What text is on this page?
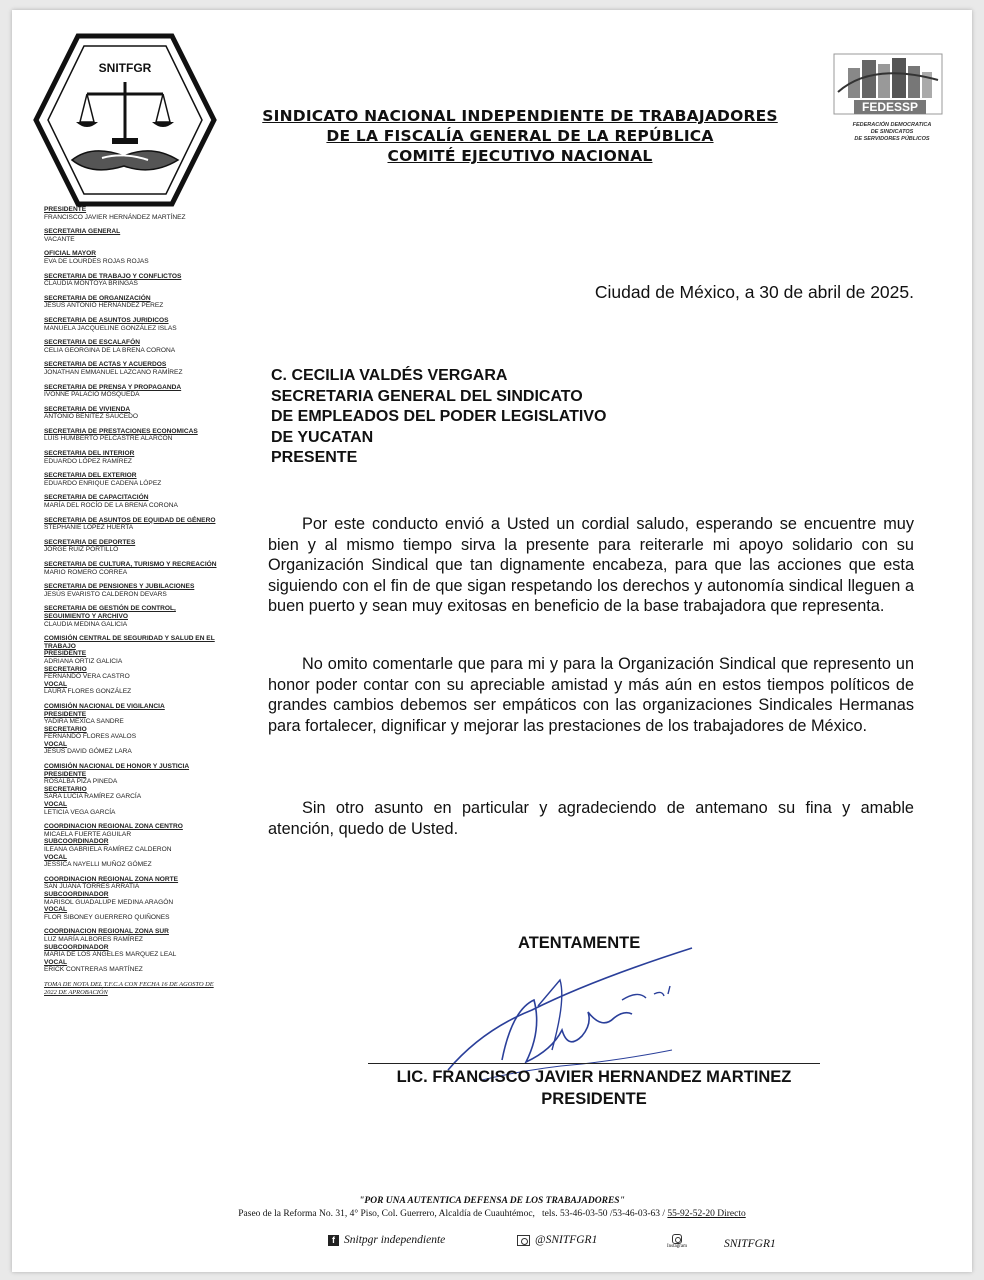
SNITFGR
FEDESSP
FEDERACIÓN DEMOCRATICA
DE SINDICATOS
DE SERVIDORES PÚBLICOS
SINDICATO NACIONAL INDEPENDIENTE DE TRABAJADORES
DE LA FISCALÍA GENERAL DE LA REPÚBLICA
COMITÉ EJECUTIVO NACIONAL
PRESIDENTE
FRANCISCO JAVIER HERNÁNDEZ MARTÍNEZ
SECRETARIA GENERAL
VACANTE
OFICIAL MAYOR
EVA DE LOURDES ROJAS ROJAS
SECRETARIA DE TRABAJO Y CONFLICTOS
CLAUDIA MONTOYA BRINGAS
SECRETARIA DE ORGANIZACIÓN
JESÚS ANTONIO HERNÁNDEZ PÉREZ
SECRETARIA DE ASUNTOS JURIDICOS
MANUELA JACQUELINE GONZÁLEZ ISLAS
SECRETARIA DE ESCALAFÓN
CELIA GEORGINA DE LA BRENA CORONA
SECRETARIA DE ACTAS Y ACUERDOS
JONATHAN EMMANUEL LAZCANO RAMÍREZ
SECRETARIA DE PRENSA Y PROPAGANDA
IVONNE PALACIO MOSQUEDA
SECRETARIA DE VIVIENDA
ANTONIO BENITEZ SAUCEDO
SECRETARIA DE PRESTACIONES ECONOMICAS
LUIS HUMBERTO PELCASTRE ALARCÓN
SECRETARIA DEL INTERIOR
EDUARDO LÓPEZ RAMÍREZ
SECRETARIA DEL EXTERIOR
EDUARDO ENRIQUE CADENA LÓPEZ
SECRETARIA DE CAPACITACIÓN
MARÍA DEL ROCÍO DE LA BRENA CORONA
SECRETARIA DE ASUNTOS DE EQUIDAD DE GÉNERO
STEPHANIE LÓPEZ HUERTA
SECRETARIA DE DEPORTES
JORGE RUIZ PORTILLO
SECRETARIA DE CULTURA, TURISMO Y RECREACIÓN
MARIO ROMERO CORREA
SECRETARIA DE PENSIONES Y JUBILACIONES
JESÚS EVARISTO CALDERON DEVARS
SECRETARIA DE GESTIÓN DE CONTROL, SEGUIMIENTO Y ARCHIVO
CLAUDIA MEDINA GALICIA
COMISIÓN CENTRAL DE SEGURIDAD Y SALUD EN EL TRABAJO
PRESIDENTE
ADRIANA ORTIZ GALICIA
SECRETARIO
FERNANDO VERA CASTRO
VOCAL
LAURA FLORES GONZÁLEZ
COMISIÓN NACIONAL DE VIGILANCIA
PRESIDENTE
YADIRA MEXICA SANDRE
SECRETARIO
FERNANDO FLORES AVALOS
VOCAL
JESÚS DAVID GÓMEZ LARA
COMISIÓN NACIONAL DE HONOR Y JUSTICIA
PRESIDENTE
ROSALBA PIZA PINEDA
SECRETARIO
SARA LUCIA RAMÍREZ GARCÍA
VOCAL
LETICIA VEGA GARCÍA
COORDINACION REGIONAL ZONA CENTRO
MICAELA FUERTE AGUILAR
SUBCOORDINADOR
ILEANA GABRIELA RAMÍREZ CALDERON
VOCAL
JESSICA NAYELLI MUÑOZ GÓMEZ
COORDINACION REGIONAL ZONA NORTE
SAN JUANA TORRES ARRATIA
SUBCOORDINADOR
MARISOL GUADALUPE MEDINA ARAGÓN
VOCAL
FLOR SIBONEY GUERRERO QUIÑONES
COORDINACION REGIONAL ZONA SUR
LUZ MARÍA ALBORES RAMÍREZ
SUBCOORDINADOR
MARÍA DE LOS ÁNGELES MARQUEZ LEAL
VOCAL
ERICK CONTRERAS MARTÍNEZ
TOMA DE NOTA DEL T.F.C.A CON FECHA 16 DE AGOSTO DE 2022 DE APROBACIÓN
Ciudad de México, a 30 de abril de 2025.
C. CECILIA VALDÉS VERGARA
SECRETARIA GENERAL DEL SINDICATO
DE EMPLEADOS DEL PODER LEGISLATIVO
DE YUCATAN
PRESENTE

Por este conducto envió a Usted un cordial saludo, esperando se encuentre muy bien y al mismo tiempo sirva la presente para reiterarle mi apoyo solidario con su Organización Sindical que tan dignamente encabeza, para que las acciones que esta siguiendo con el fin de que sigan respetando los derechos y autonomía sindical lleguen a buen puerto y sean muy exitosas en beneficio de la base trabajadora que representa.

No omito comentarle que para mi y para la Organización Sindical que represento un honor poder contar con su apreciable amistad y más aún en estos tiempos políticos de grandes cambios debemos ser empáticos con las organizaciones Sindicales Hermanas para fortalecer, dignificar y mejorar las prestaciones de los trabajadores de México.

Sin otro asunto en particular y agradeciendo de antemano su fina y amable atención, quedo de Usted.

ATENTAMENTE
LIC. FRANCISCO JAVIER HERNANDEZ MARTINEZ
PRESIDENTE
"POR UNA AUTENTICA DEFENSA DE LOS TRABAJADORES"
Paseo de la Reforma No. 31, 4° Piso, Col. Guerrero, Alcaldía de Cuauhtémoc, tels. 53-46-03-50 /53-46-03-63 / 55-92-52-20 Directo
f Snitpgr independiente	@SNITFGR1
Instagram	SNITFGR1
